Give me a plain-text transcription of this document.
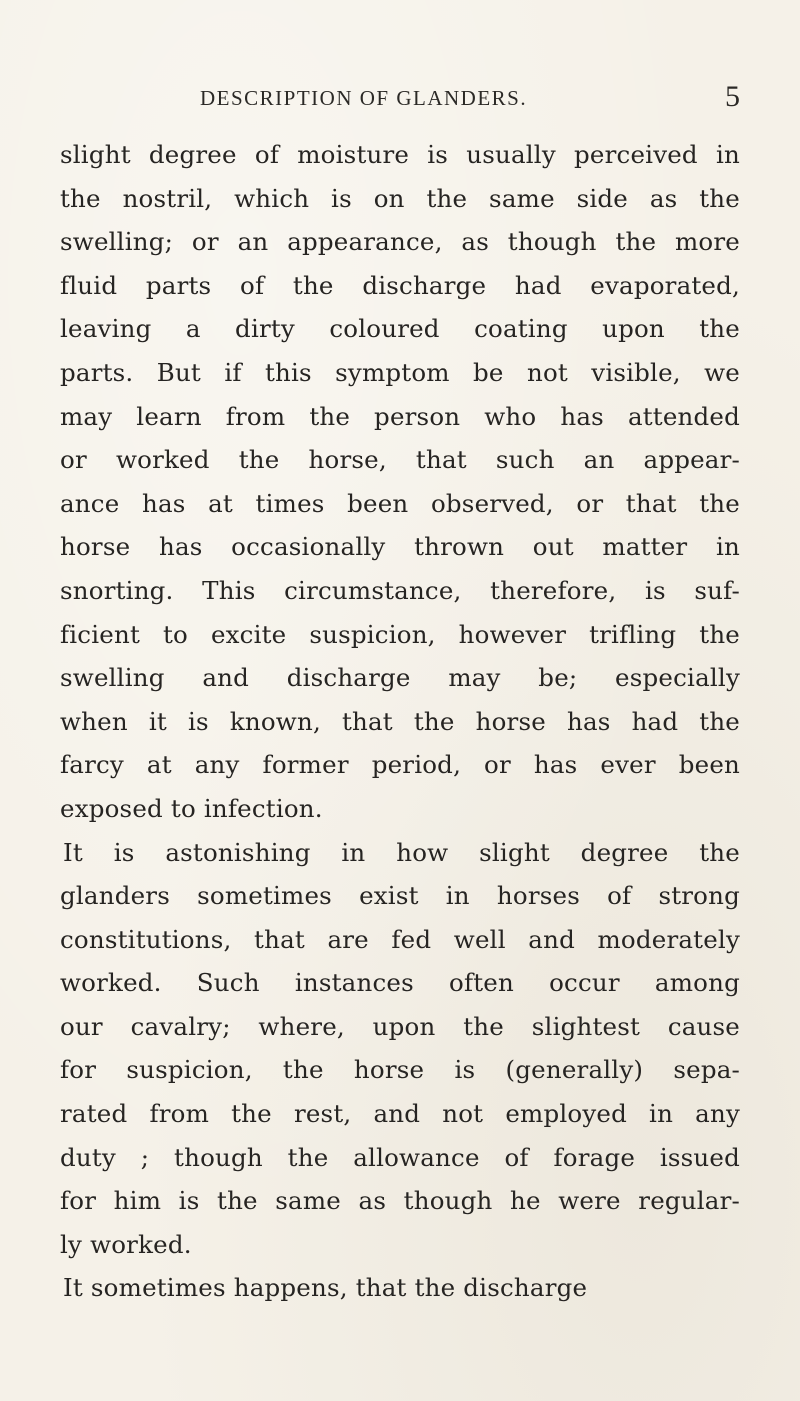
DESCRIPTION OF GLANDERS.	5
slight degree of moisture is usually perceived in
the nostril, which is on the same side as the
swelling; or an appearance, as though the more
fluid parts of the discharge had evaporated,
leaving a dirty coloured coating upon the
parts. But if this symptom be not visible, we
may learn from the person who has attended
or worked the horse, that such an appear-
ance has at times been observed, or that the
horse has occasionally thrown out matter in
snorting. This circumstance, therefore, is suf-
ficient to excite suspicion, however trifling the
swelling and discharge may be; especially
when it is known, that the horse has had the
farcy at any former period, or has ever been
exposed to infection.
It is astonishing in how slight degree the
glanders sometimes exist in horses of strong
constitutions, that are fed well and moderately
worked. Such instances often occur among
our cavalry; where, upon the slightest cause
for suspicion, the horse is (generally) sepa-
rated from the rest, and not employed in any
duty ; though the allowance of forage issued
for him is the same as though he were regular-
ly worked.
It sometimes happens, that the discharge
